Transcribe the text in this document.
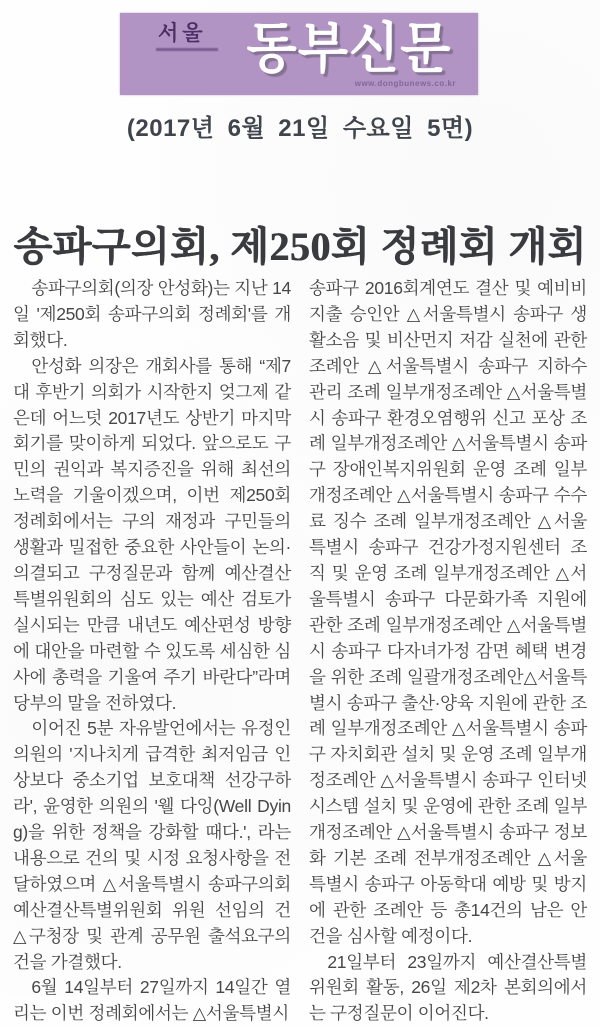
서울 동부신문
www.dongbunews.co.kr
(2017년 6월 21일 수요일 5면)
송파구의회, 제250회 정례회 개회

송파구의회(의장 안성화)는 지난 14일 '제250회 송파구의회 정례회'를 개회했다.

안성화 의장은 개회사를 통해 “제7대 후반기 의회가 시작한지 엊그제 같은데 어느덧 2017년도 상반기 마지막 회기를 맞이하게 되었다. 앞으로도 구민의 권익과 복지증진을 위해 최선의 노력을 기울이겠으며, 이번 제250회 정례회에서는 구의 재정과 구민들의 생활과 밀접한 중요한 사안들이 논의·의결되고 구정질문과 함께 예산결산특별위원회의 심도 있는 예산 검토가 실시되는 만큼 내년도 예산편성 방향에 대안을 마련할 수 있도록 세심한 심사에 총력을 기울여 주기 바란다”라며 당부의 말을 전하였다.

이어진 5분 자유발언에서는 유정인 의원의 '지나치게 급격한 최저임금 인상보다 중소기업 보호대책 선강구하라', 윤영한 의원의 '웰 다잉(Well Dying)을 위한 정책을 강화할 때다.', 라는 내용으로 건의 및 시정 요청사항을 전달하였으며 △서울특별시 송파구의회 예산결산특별위원회 위원 선임의 건 △구청장 및 관계 공무원 출석요구의 건을 가결했다.

6월 14일부터 27일까지 14일간 열리는 이번 정례회에서는 △서울특별시

송파구 2016회계연도 결산 및 예비비 지출 승인안 △서울특별시 송파구 생활소음 및 비산먼지 저감 실천에 관한 조례안 △서울특별시 송파구 지하수 관리 조례 일부개정조례안 △서울특별시 송파구 환경오염행위 신고 포상 조례 일부개정조례안 △서울특별시 송파구 장애인복지위원회 운영 조례 일부개정조례안 △서울특별시 송파구 수수료 징수 조례 일부개정조례안 △서울특별시 송파구 건강가정지원센터 조직 및 운영 조례 일부개정조례안 △서울특별시 송파구 다문화가족 지원에 관한 조례 일부개정조례안 △서울특별시 송파구 다자녀가정 감면 혜택 변경을 위한 조례 일괄개정조례안△서울특별시 송파구 출산·양육 지원에 관한 조례 일부개정조례안 △서울특별시 송파구 자치회관 설치 및 운영 조례 일부개정조례안 △서울특별시 송파구 인터넷시스템 설치 및 운영에 관한 조례 일부개정조례안 △서울특별시 송파구 정보화 기본 조례 전부개정조례안 △서울특별시 송파구 아동학대 예방 및 방지에 관한 조례안 등 총14건의 남은 안건을 심사할 예정이다.

21일부터 23일까지 예산결산특별위원회 활동, 26일 제2차 본회의에서는 구정질문이 이어진다.
